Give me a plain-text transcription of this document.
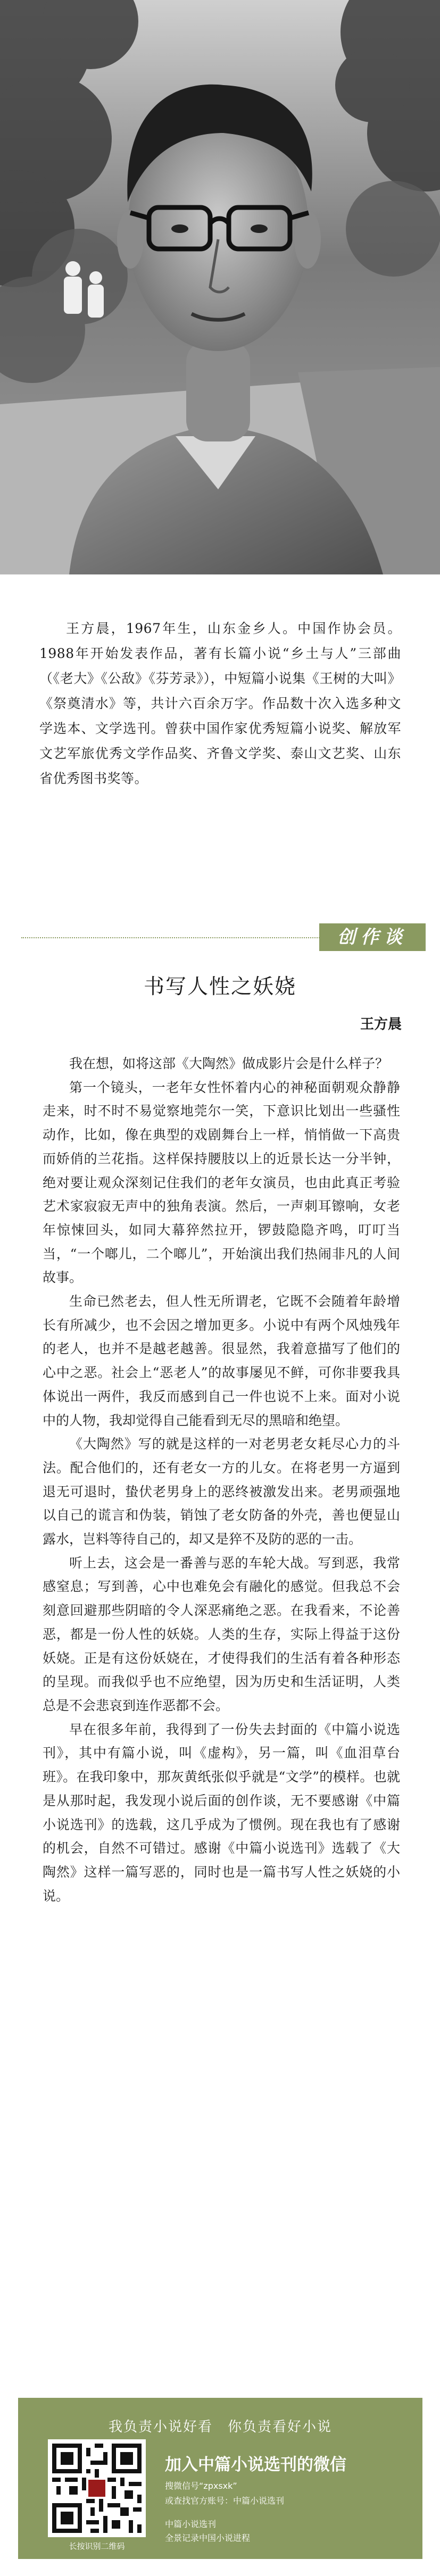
王方晨，1967年生，山东金乡人。中国作协会员。1988年开始发表作品，著有长篇小说“乡土与人”三部曲（《老大》《公敌》《芬芳录》），中短篇小说集《王树的大叫》《祭奠清水》等，共计六百余万字。作品数十次入选多种文学选本、文学选刊。曾获中国作家优秀短篇小说奖、解放军文艺军旅优秀文学作品奖、齐鲁文学奖、泰山文艺奖、山东省优秀图书奖等。

创作谈
书写人性之妖娆
王方晨

我在想，如将这部《大陶然》做成影片会是什么样子？

第一个镜头，一老年女性怀着内心的神秘面朝观众静静走来，时不时不易觉察地莞尔一笑，下意识比划出一些骚性动作，比如，像在典型的戏剧舞台上一样，悄悄做一下高贵而娇俏的兰花指。这样保持腰肢以上的近景长达一分半钟，绝对要让观众深刻记住我们的老年女演员，也由此真正考验艺术家寂寂无声中的独角表演。然后，一声刺耳镲响，女老年惊悚回头，如同大幕猝然拉开，锣鼓隐隐齐鸣，叮叮当当，“一个啷儿，二个啷儿”，开始演出我们热闹非凡的人间故事。

生命已然老去，但人性无所谓老，它既不会随着年龄增长有所减少，也不会因之增加更多。小说中有两个风烛残年的老人，也并不是越老越善。很显然，我着意描写了他们的心中之恶。社会上“恶老人”的故事屡见不鲜，可你非要我具体说出一两件，我反而感到自己一件也说不上来。面对小说中的人物，我却觉得自己能看到无尽的黑暗和绝望。

《大陶然》写的就是这样的一对老男老女耗尽心力的斗法。配合他们的，还有老女一方的儿女。在将老男一方逼到退无可退时，蛰伏老男身上的恶终被激发出来。老男顽强地以自己的谎言和伪装，销蚀了老女防备的外壳，善也便显山露水，岂料等待自己的，却又是猝不及防的恶的一击。

听上去，这会是一番善与恶的车轮大战。写到恶，我常感窒息；写到善，心中也难免会有融化的感觉。但我总不会刻意回避那些阴暗的令人深恶痛绝之恶。在我看来，不论善恶，都是一份人性的妖娆。人类的生存，实际上得益于这份妖娆。正是有这份妖娆在，才使得我们的生活有着各种形态的呈现。而我似乎也不应绝望，因为历史和生活证明，人类总是不会悲哀到连作恶都不会。

早在很多年前，我得到了一份失去封面的《中篇小说选刊》，其中有篇小说，叫《虚构》，另一篇，叫《血泪草台班》。在我印象中，那灰黄纸张似乎就是“文学”的模样。也就是从那时起，我发现小说后面的创作谈，无不要感谢《中篇小说选刊》的选载，这几乎成为了惯例。现在我也有了感谢的机会，自然不可错过。感谢《中篇小说选刊》选载了《大陶然》这样一篇写恶的，同时也是一篇书写人性之妖娆的小说。

我负责小说好看　你负责看好小说
长按识别二维码
加入中篇小说选刊的微信
搜微信号“zpxsxk”
或查找官方账号：中篇小说选刊
中篇小说选刊
全景记录中国小说进程
